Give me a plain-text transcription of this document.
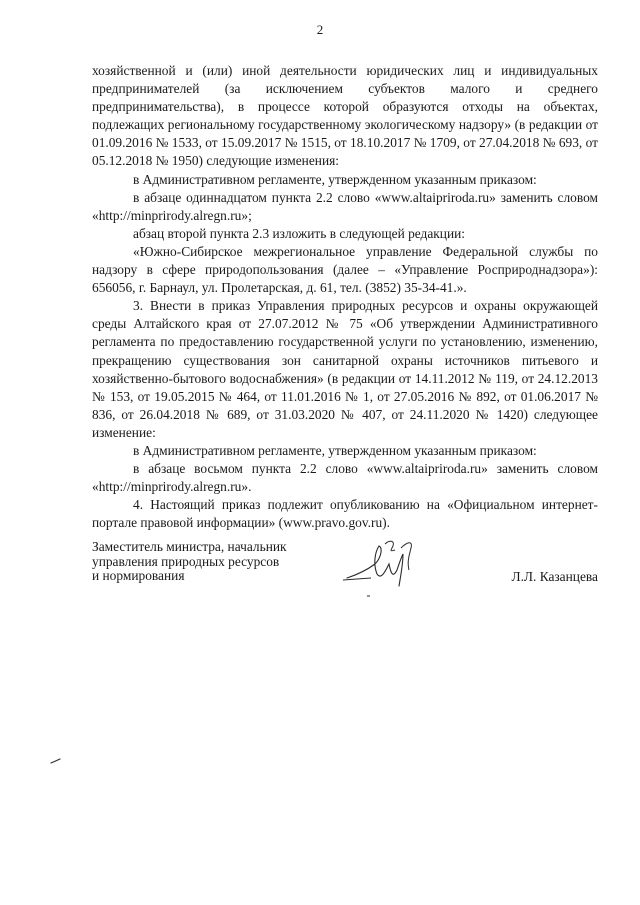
2

хозяйственной и (или) иной деятельности юридических лиц и индивидуальных предпринимателей (за исключением субъектов малого и среднего предпринимательства), в процессе которой образуются отходы на объектах, подлежащих региональному государственному экологическому надзору» (в редакции от 01.09.2016 № 1533, от 15.09.2017 № 1515, от 18.10.2017 № 1709, от 27.04.2018 № 693, от 05.12.2018 № 1950) следующие изменения:

в Административном регламенте, утвержденном указанным приказом:

в абзаце одиннадцатом пункта 2.2 слово «www.altaipriroda.ru» заменить словом «http://minprirody.alregn.ru»;

абзац второй пункта 2.3 изложить в следующей редакции:

«Южно-Сибирское межрегиональное управление Федеральной службы по надзору в сфере природопользования (далее – «Управление Росприроднадзора»): 656056, г. Барнаул, ул. Пролетарская, д. 61, тел. (3852) 35-34-41.».

3. Внести в приказ Управления природных ресурсов и охраны окружающей среды Алтайского края от 27.07.2012 № 75 «Об утверждении Административного регламента по предоставлению государственной услуги по установлению, изменению, прекращению существования зон санитарной охраны источников питьевого и хозяйственно-бытового водоснабжения» (в редакции от 14.11.2012 № 119, от 24.12.2013 № 153, от 19.05.2015 № 464, от 11.01.2016 № 1, от 27.05.2016 № 892, от 01.06.2017 № 836, от 26.04.2018 № 689, от 31.03.2020 № 407, от 24.11.2020 № 1420) следующее изменение:

в Административном регламенте, утвержденном указанным приказом:

в абзаце восьмом пункта 2.2 слово «www.altaipriroda.ru» заменить словом «http://minprirody.alregn.ru».

4. Настоящий приказ подлежит опубликованию на «Официальном интернет-портале правовой информации» (www.pravo.gov.ru).

Заместитель министра, начальник
управления природных ресурсов
и нормирования	Л.Л. Казанцева
